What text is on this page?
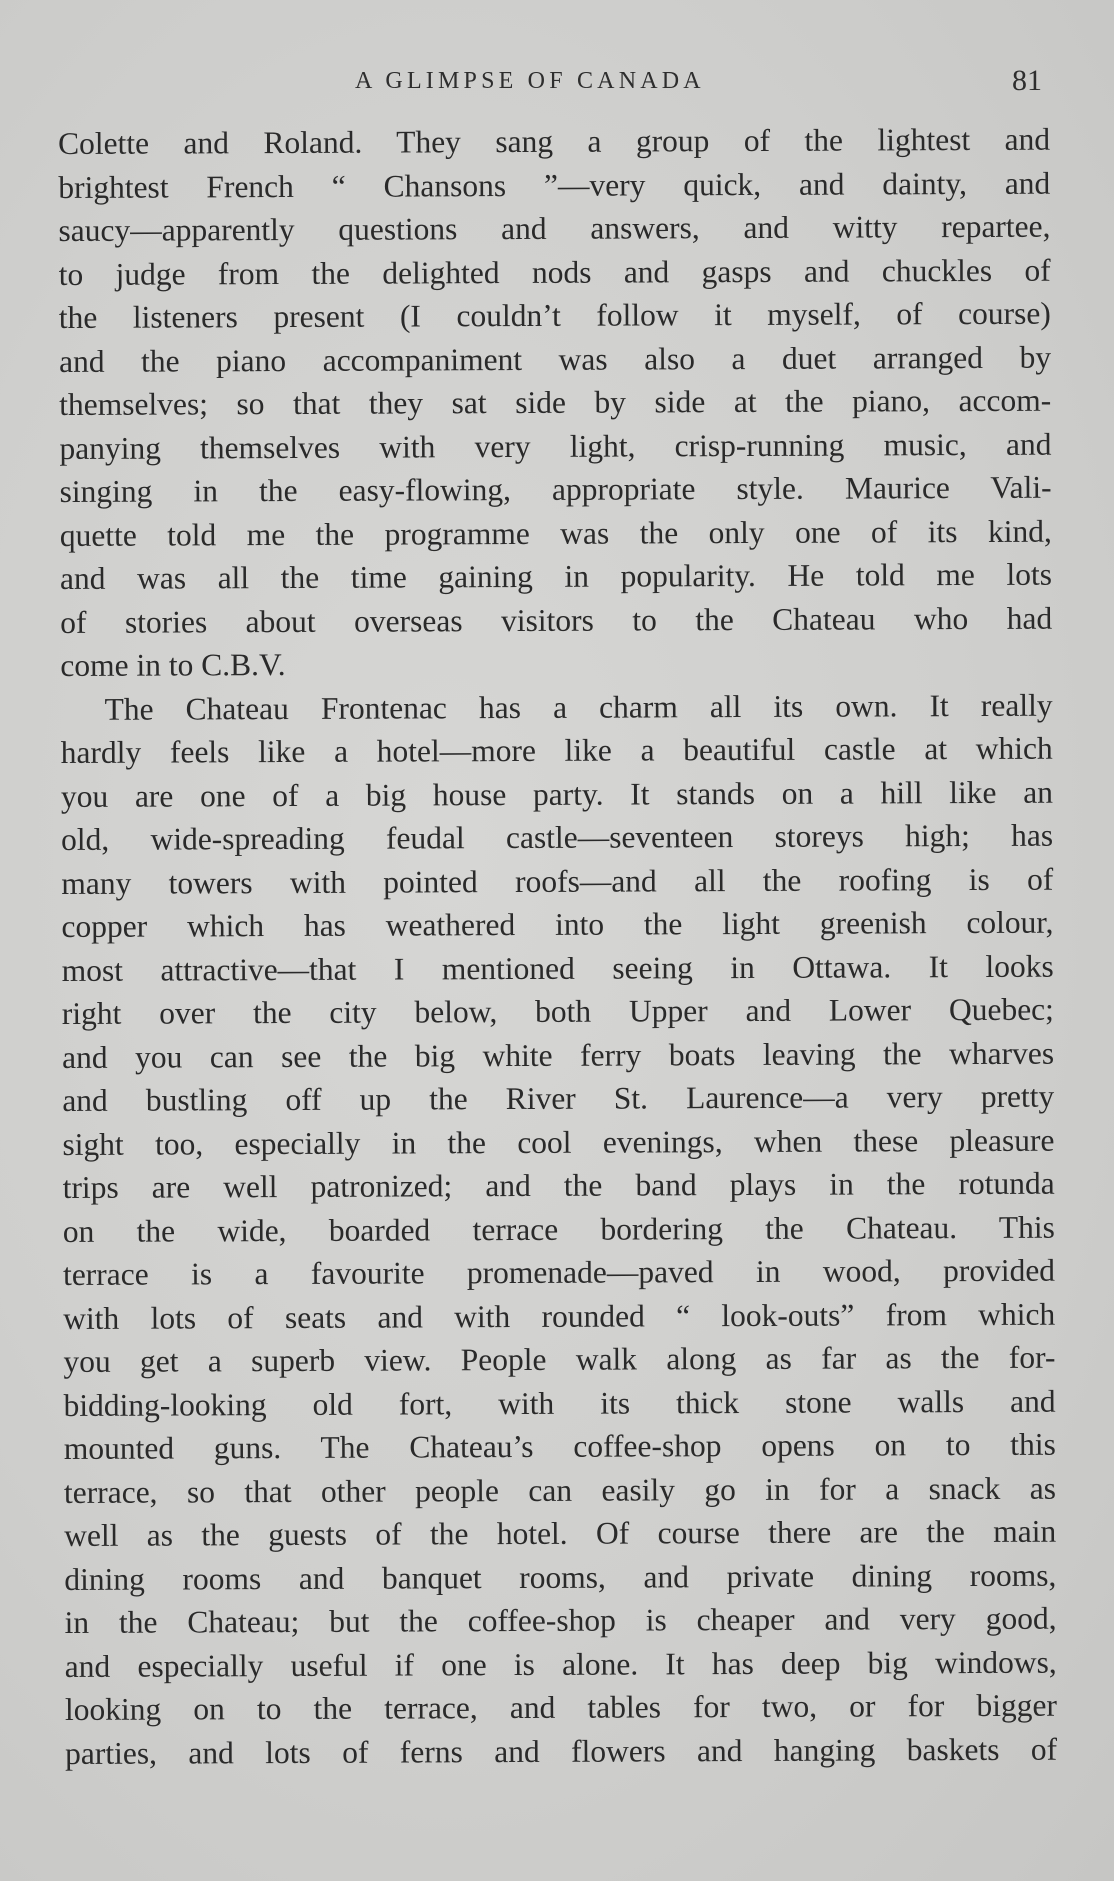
A GLIMPSE OF CANADA	81
Colette and Roland. They sang a group of the lightest and
brightest French “ Chansons ”—very quick, and dainty, and
saucy—apparently questions and answers, and witty repartee,
to judge from the delighted nods and gasps and chuckles of
the listeners present (I couldn’t follow it myself, of course)
and the piano accompaniment was also a duet arranged by
themselves; so that they sat side by side at the piano, accom-
panying themselves with very light, crisp-running music, and
singing in the easy-flowing, appropriate style. Maurice Vali-
quette told me the programme was the only one of its kind,
and was all the time gaining in popularity. He told me lots
of stories about overseas visitors to the Chateau who had
come in to C.B.V.
The Chateau Frontenac has a charm all its own. It really
hardly feels like a hotel—more like a beautiful castle at which
you are one of a big house party. It stands on a hill like an
old, wide-spreading feudal castle—seventeen storeys high; has
many towers with pointed roofs—and all the roofing is of
copper which has weathered into the light greenish colour,
most attractive—that I mentioned seeing in Ottawa. It looks
right over the city below, both Upper and Lower Quebec;
and you can see the big white ferry boats leaving the wharves
and bustling off up the River St. Laurence—a very pretty
sight too, especially in the cool evenings, when these pleasure
trips are well patronized; and the band plays in the rotunda
on the wide, boarded terrace bordering the Chateau. This
terrace is a favourite promenade—paved in wood, provided
with lots of seats and with rounded “ look-outs” from which
you get a superb view. People walk along as far as the for-
bidding-looking old fort, with its thick stone walls and
mounted guns. The Chateau’s coffee-shop opens on to this
terrace, so that other people can easily go in for a snack as
well as the guests of the hotel. Of course there are the main
dining rooms and banquet rooms, and private dining rooms,
in the Chateau; but the coffee-shop is cheaper and very good,
and especially useful if one is alone. It has deep big windows,
looking on to the terrace, and tables for two, or for bigger
parties, and lots of ferns and flowers and hanging baskets of
